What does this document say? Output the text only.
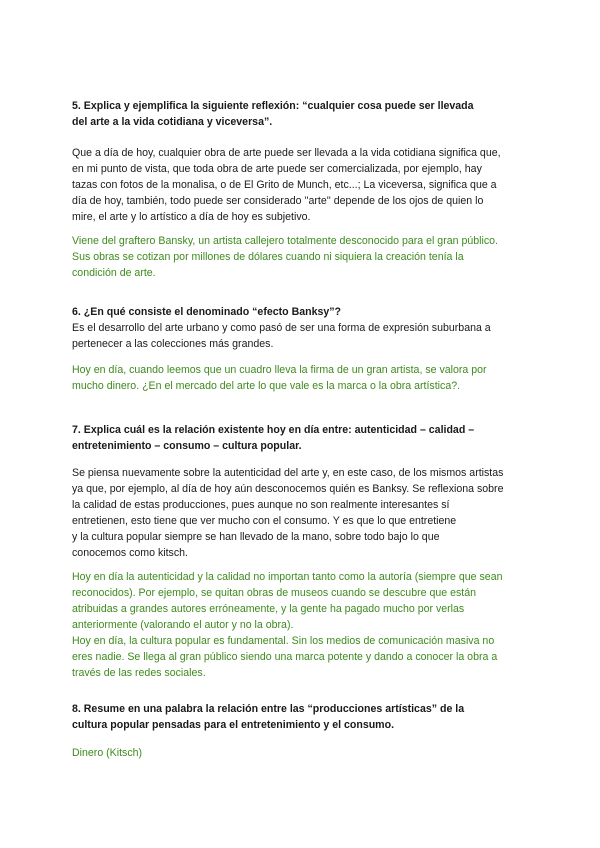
5. Explica y ejemplifica la siguiente reflexión: “cualquier cosa puede ser llevada
del arte a la vida cotidiana y viceversa”.
Que a día de hoy, cualquier obra de arte puede ser llevada a la vida cotidiana significa que,
en mi punto de vista, que toda obra de arte puede ser comercializada, por ejemplo, hay
tazas con fotos de la monalisa, o de El Grito de Munch, etc...; La viceversa, significa que a
día de hoy, también, todo puede ser considerado ''arte'' depende de los ojos de quien lo
mire, el arte y lo artístico a día de hoy es subjetivo.
Viene del graftero Bansky, un artista callejero totalmente desconocido para el gran público.
Sus obras se cotizan por millones de dólares cuando ni siquiera la creación tenía la
condición de arte.
6. ¿En qué consiste el denominado “efecto Banksy”?
Es el desarrollo del arte urbano y como pasó de ser una forma de expresión suburbana a
pertenecer a las colecciones más grandes.
Hoy en día, cuando leemos que un cuadro lleva la firma de un gran artista, se valora por
mucho dinero. ¿En el mercado del arte lo que vale es la marca o la obra artística?.
7. Explica cuál es la relación existente hoy en día entre: autenticidad – calidad –
entretenimiento – consumo – cultura popular.
Se piensa nuevamente sobre la autenticidad del arte y, en este caso, de los mismos artistas
ya que, por ejemplo, al día de hoy aún desconocemos quién es Banksy. Se reflexiona sobre
la calidad de estas producciones, pues aunque no son realmente interesantes sí
entretienen, esto tiene que ver mucho con el consumo. Y es que lo que entretiene
y la cultura popular siempre se han llevado de la mano, sobre todo bajo lo que
conocemos como kitsch.
Hoy en día la autenticidad y la calidad no importan tanto como la autoría (siempre que sean
reconocidos). Por ejemplo, se quitan obras de museos cuando se descubre que están
atribuidas a grandes autores erróneamente, y la gente ha pagado mucho por verlas
anteriormente (valorando el autor y no la obra).
Hoy en día, la cultura popular es fundamental. Sin los medios de comunicación masiva no
eres nadie. Se llega al gran público siendo una marca potente y dando a conocer la obra a
través de las redes sociales.
8. Resume en una palabra la relación entre las “producciones artísticas” de la
cultura popular pensadas para el entretenimiento y el consumo.
Dinero (Kitsch)
